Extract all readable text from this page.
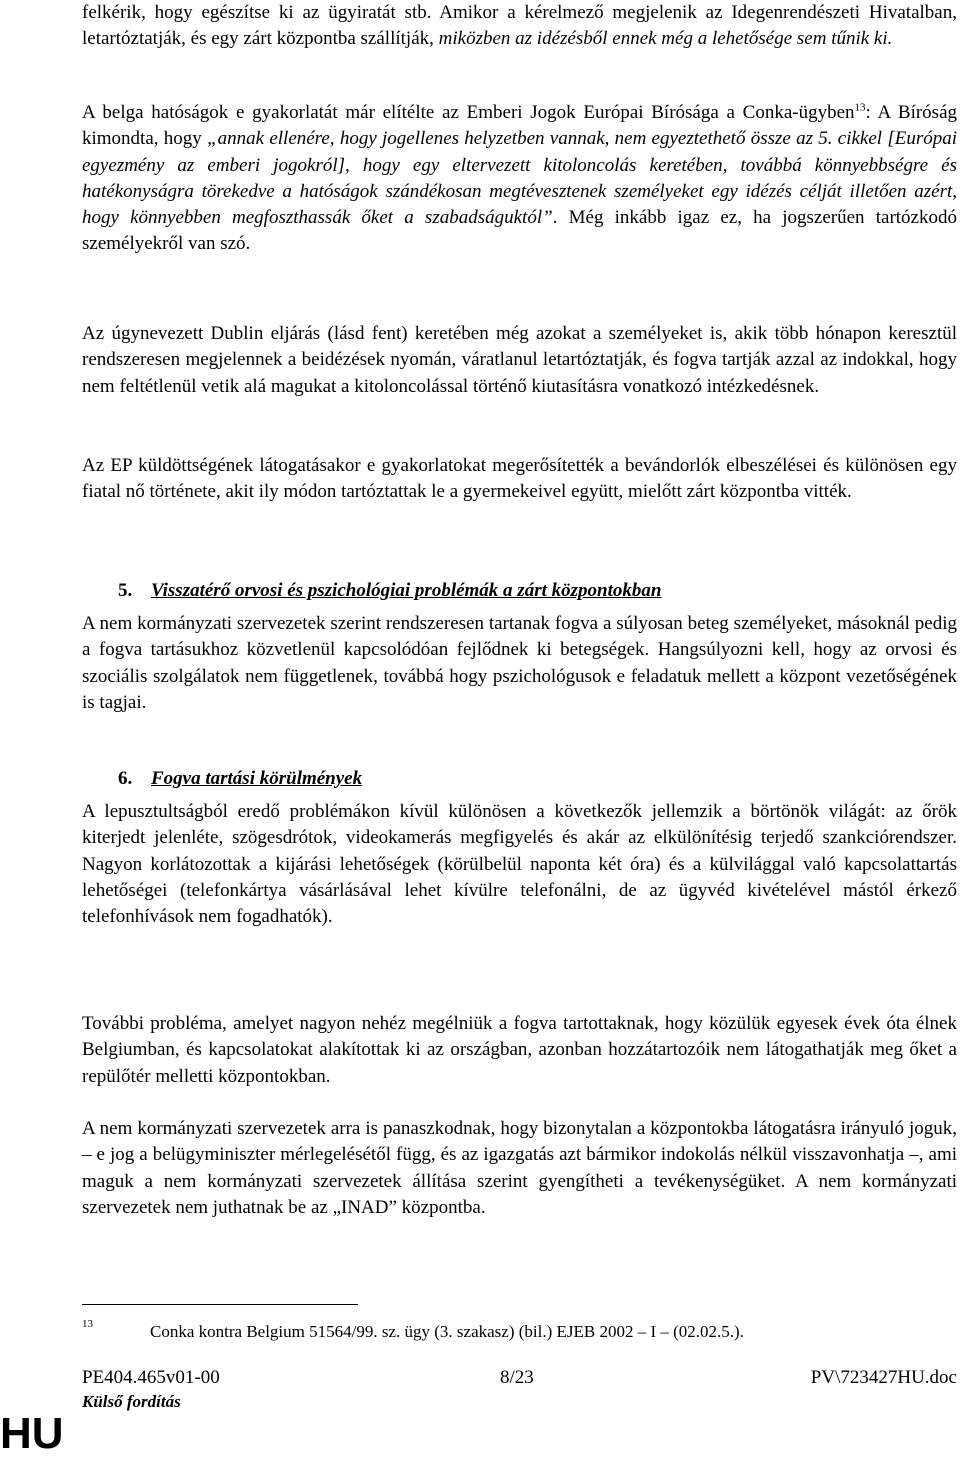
felkérik, hogy egészítse ki az ügyiratát stb. Amikor a kérelmező megjelenik az Idegenrendészeti Hivatalban, letartóztatják, és egy zárt központba szállítják, miközben az idézésből ennek még a lehetősége sem tűnik ki.

A belga hatóságok e gyakorlatát már elítélte az Emberi Jogok Európai Bírósága a Conka-ügyben$^{13}$: A Bíróság kimondta, hogy „annak ellenére, hogy jogellenes helyzetben vannak, nem egyeztethető össze az 5. cikkel [Európai egyezmény az emberi jogokról], hogy egy eltervezett kitoloncolás keretében, továbbá könnyebbségre és hatékonyságra törekedve a hatóságok szándékosan megtévesztenek személyeket egy idézés célját illetően azért, hogy könnyebben megfoszthassák őket a szabadságuktól”. Még inkább igaz ez, ha jogszerűen tartózkodó személyekről van szó.

Az úgynevezett Dublin eljárás (lásd fent) keretében még azokat a személyeket is, akik több hónapon keresztül rendszeresen megjelennek a beidézések nyomán, váratlanul letartóztatják, és fogva tartják azzal az indokkal, hogy nem feltétlenül vetik alá magukat a kitoloncolással történő kiutasításra vonatkozó intézkedésnek.

Az EP küldöttségének látogatásakor e gyakorlatokat megerősítették a bevándorlók elbeszélései és különösen egy fiatal nő története, akit ily módon tartóztattak le a gyermekeivel együtt, mielőtt zárt központba vitték.

5. Visszatérő orvosi és pszichológiai problémák a zárt központokban

A nem kormányzati szervezetek szerint rendszeresen tartanak fogva a súlyosan beteg személyeket, másoknál pedig a fogva tartásukhoz közvetlenül kapcsolódóan fejlődnek ki betegségek. Hangsúlyozni kell, hogy az orvosi és szociális szolgálatok nem függetlenek, továbbá hogy pszichológusok e feladatuk mellett a központ vezetőségének is tagjai.

6. Fogva tartási körülmények

A lepusztultságból eredő problémákon kívül különösen a következők jellemzik a börtönök világát: az őrök kiterjedt jelenléte, szögesdrótok, videokamerás megfigyelés és akár az elkülönítésig terjedő szankciórendszer. Nagyon korlátozottak a kijárási lehetőségek (körülbelül naponta két óra) és a külvilággal való kapcsolattartás lehetőségei (telefonkártya vásárlásával lehet kívülre telefonálni, de az ügyvéd kivételével mástól érkező telefonhívások nem fogadhatók).

További probléma, amelyet nagyon nehéz megélniük a fogva tartottaknak, hogy közülük egyesek évek óta élnek Belgiumban, és kapcsolatokat alakítottak ki az országban, azonban hozzátartozóik nem látogathatják meg őket a repülőtér melletti központokban.

A nem kormányzati szervezetek arra is panaszkodnak, hogy bizonytalan a központokba látogatásra irányuló joguk, – e jog a belügyminiszter mérlegelésétől függ, és az igazgatás azt bármikor indokolás nélkül visszavonhatja –, ami maguk a nem kormányzati szervezetek állítása szerint gyengítheti a tevékenységüket. A nem kormányzati szervezetek nem juthatnak be az „INAD” központba.

13	Conka kontra Belgium 51564/99. sz. ügy (3. szakasz) (bil.) EJEB 2002 – I – (02.02.5.).
PE404.465v01-00	8/23	PV\723427HU.doc
Külső fordítás
HU
